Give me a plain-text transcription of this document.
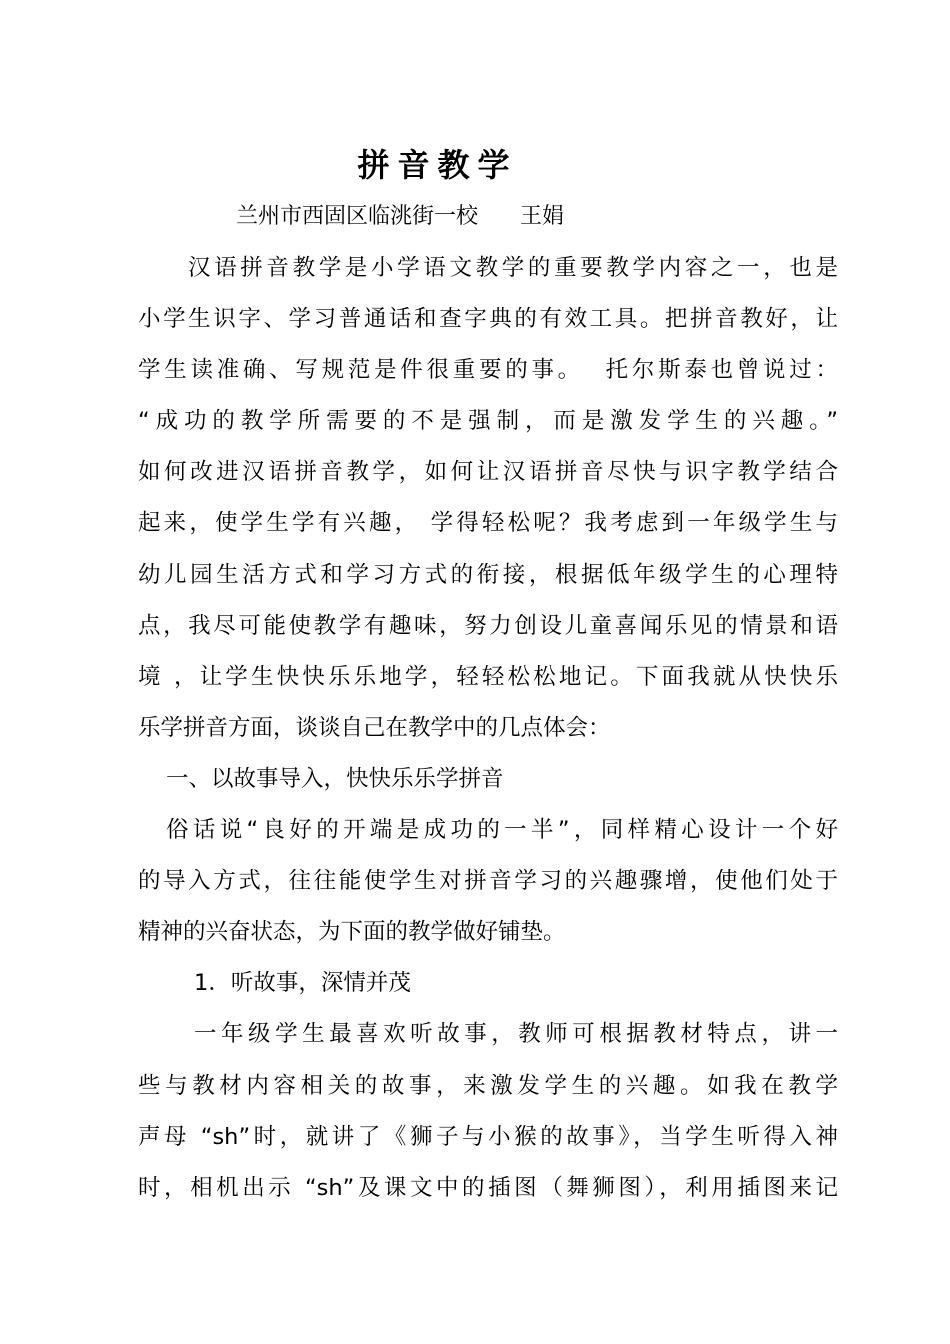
拼音教学
兰州市西固区临洮街一校      王娟
汉语拼音教学是小学语文教学的重要教学内容之一，也是
小学生识字、学习普通话和查字典的有效工具。把拼音教好，让
学生读准确、写规范是件很重要的事。  托尔斯泰也曾说过：
“成功的教学所需要的不是强制，而是激发学生的兴趣。”
如何改进汉语拼音教学，如何让汉语拼音尽快与识字教学结合
起来，使学生学有兴趣， 学得轻松呢？我考虑到一年级学生与
幼儿园生活方式和学习方式的衔接，根据低年级学生的心理特
点，我尽可能使教学有趣味，努力创设儿童喜闻乐见的情景和语
境 ，让学生快快乐乐地学，轻轻松松地记。下面我就从快快乐
乐学拼音方面，谈谈自己在教学中的几点体会：
一、以故事导入，快快乐乐学拼音
俗话说“良好的开端是成功的一半”，同样精心设计一个好
的导入方式，往往能使学生对拼音学习的兴趣骤增，使他们处于
精神的兴奋状态，为下面的教学做好铺垫。
1．听故事，深情并茂
一年级学生最喜欢听故事，教师可根据教材特点，讲一
些与教材内容相关的故事，来激发学生的兴趣。如我在教学
声母 “sh”时，就讲了《狮子与小猴的故事》，当学生听得入神
时，相机出示 “sh”及课文中的插图（舞狮图），利用插图来记
